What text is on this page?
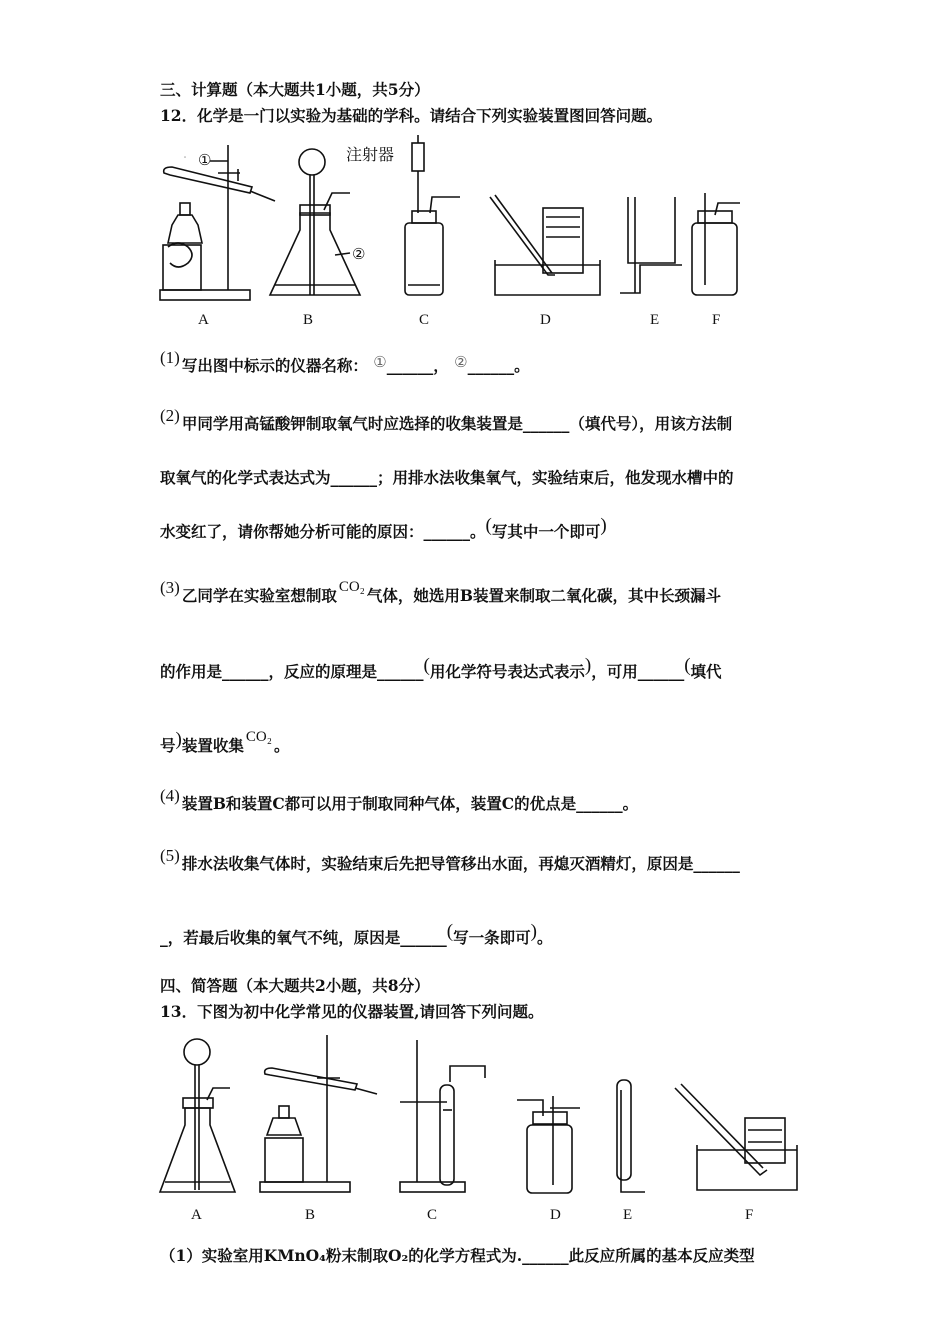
三、计算题（本大题共1小题，共5分）
12．化学是一门以实验为基础的学科。请结合下列实验装置图回答问题。
①
②
注射器
A	B	C	D	E	F
(1) 写出图中标示的仪器名称： ①______， ②______。
(2) 甲同学用高锰酸钾制取氧气时应选择的收集装置是______（填代号），用该方法制
取氧气的化学式表达式为______；用排水法收集氧气，实验结束后，他发现水槽中的
水变红了，请你帮她分析可能的原因：______。(写其中一个即可)
(3) 乙同学在实验室想制取 CO₂ 气体，她选用B装置来制取二氧化碳，其中长颈漏斗
的作用是______，反应的原理是______(用化学符号表达式表示)，可用______(填代
号)装置收集 CO₂ 。
(4) 装置B和装置C都可以用于制取同种气体，装置C的优点是______。
(5) 排水法收集气体时，实验结束后先把导管移出水面，再熄灭酒精灯，原因是______
_，若最后收集的氧气不纯，原因是______(写一条即可)。
四、简答题（本大题共2小题，共8分）
13．下图为初中化学常见的仪器装置,请回答下列问题。
A	B	C	D	E	F
（1）实验室用KMnO₄粉末制取O₂的化学方程式为.______此反应所属的基本反应类型
